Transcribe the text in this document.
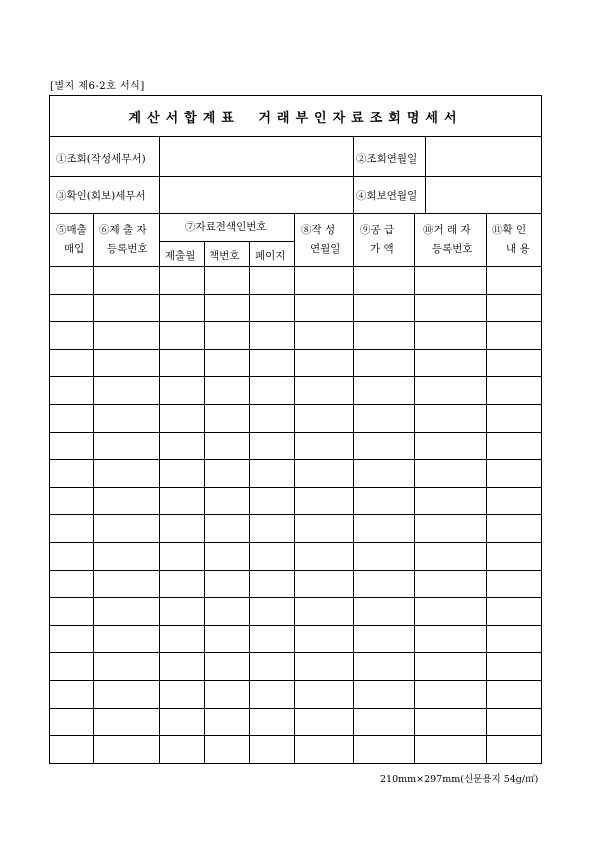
[별지 제6-2호 서식]
계산서합계표 거래부인자료조회명세서
①조회(작성세무서)	②조회연월일
③확인(회보)세무서	④회보연월일
⑤매출
매입
⑥제 출 자
등록번호
⑦자료전색인번호
제출월 책번호 페이지
⑧작 성
연월일
⑨공 급
가 액
⑩거 래 자
등록번호
⑪확 인
내 용
210mm×297mm(신문용지 54g/㎡)
